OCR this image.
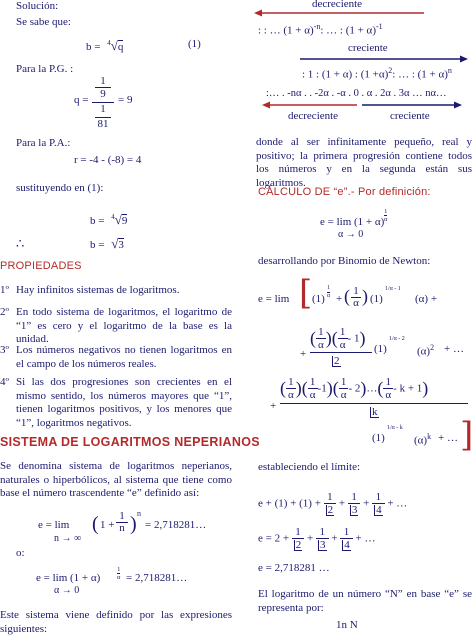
Solución:
Se sabe que:
b = $^4$√q	(1)
Para la P.G. :
q =
1
9
1
81
= 9
Para la P.A.:
r = -4 - (-8) = 4
sustituyendo en (1):
b = $^4$√9
∴	b = √3
PROPIEDADES
1º Hay infinitos sistemas de logaritmos.
2º En todo sistema de logaritmos, el logaritmo de “1” es cero y el logaritmo de la base es la unidad.
3º Los números negativos no tienen logaritmos en el campo de los números reales.
4º Si las dos progresiones son crecientes en el mismo sentido, los números mayores que “1”, tienen logaritmos positivos, y los menores que “1”, logaritmos negativos.
SISTEMA DE LOGARITMOS NEPERIANOS
Se denomina sistema de logaritmos neperianos, naturales o hiperbólicos, al sistema que tiene como base el número trascendente “e” definido así:
e = lim
n → ∞
( $1 + \frac{1}{n}$ ) n
= 2,718281…
o:
e = lim (1 + α)
1
α = 2,718281…
α → 0
Este sistema viene definido por las expresiones siguientes:
decreciente
: : … $(1 + \alpha)^{-n}$: … : $(1 + \alpha)^{-1}$
creciente
: 1 : (1 + α) : $(1 +\alpha)^2$: … : $(1 + \alpha)^n$
:… . -nα . . -2α . -α . 0 . α . 2α . 3α … nα…
decreciente	creciente
donde al ser infinitamente pequeño, real y positivo; la primera progresión contiene todos los números y en la segunda están sus logaritmos.
CÁLCULO DE “e”.- Por definición:
e = lim (1 + α)
1
α
α → 0
desarrollando por Binomio de Newton:
e = lim [ (1)
1
α + ( $\frac{1}{\alpha}$ ) (1)
1/α - 1
(α) +
+
( $\frac{1}{\alpha}$ )( $\frac{1}{\alpha} - 1$)
2
(1)
1/α - 2
$(\alpha)^2$ + …
+
( $\frac{1}{\alpha}$ )( $\frac{1}{\alpha} -1)( \frac{1}{\alpha}$ - 2)…( $\frac{1}{\alpha} - k + 1$)
k
(1)
1/α - k
$(\alpha)^k$ + … ]
estableciendo el límite:
$e + (1) + (1) + \frac{1}{2} + \frac{1}{3} + \frac{1}{4}$ + …
$e = 2 + \frac{1}{2} + \frac{1}{3} + \frac{1}{4}$ + …
e = 2,718281 …
El logaritmo de un número “N” en base “e” se representa por:
1n N
